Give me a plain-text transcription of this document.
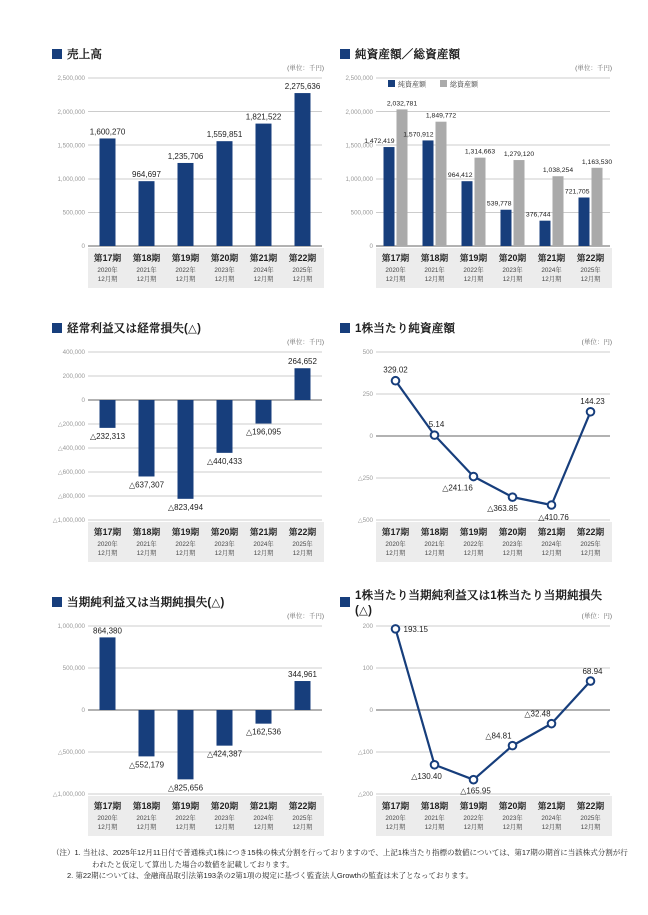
売上高
(単位：千円)
2,500,000
2,000,000
1,500,000
1,000,000
500,000
0
1,600,270
964,697
1,235,706
1,559,851
1,821,522
2,275,636
第17期
2020年
12月期
第18期
2021年
12月期
第19期
2022年
12月期
第20期
2023年
12月期
第21期
2024年
12月期
第22期
2025年
12月期
純資産額／総資産額
(単位：千円)
2,500,000
2,000,000
1,500,000
1,000,000
500,000
0
純資産額	総資産額
1,472,419
1,570,912
964,412
539,778
376,744
721,705
2,032,781
1,849,772
1,314,663 1,279,120
1,038,254
1,163,530
第17期
2020年
12月期
第18期
2021年
12月期
第19期
2022年
12月期
第20期
2023年
12月期
第21期
2024年
12月期
第22期
2025年
12月期
経常利益又は経常損失(△)
(単位：千円)
400,000
200,000
0
△200,000
△400,000
△600,000
△800,000
△1,000,000
△232,313
△637,307
△823,494
△440,433
△196,095
264,652
第17期
2020年
12月期
第18期
2021年
12月期
第19期
2022年
12月期
第20期
2023年
12月期
第21期
2024年
12月期
第22期
2025年
12月期
1株当たり純資産額
(単位：円)
500
250
0
△250
△500
329.02
5.14
△241.16
△363.85
△410.76
144.23
第17期
2020年
12月期
第18期
2021年
12月期
第19期
2022年
12月期
第20期
2023年
12月期
第21期
2024年
12月期
第22期
2025年
12月期
当期純利益又は当期純損失(△)
(単位：千円)
1,000,000
500,000
0
△500,000
△1,000,000
864,380
△552,179
△825,656
△424,387
△162,536
344,961
第17期
2020年
12月期
第18期
2021年
12月期
第19期
2022年
12月期
第20期
2023年
12月期
第21期
2024年
12月期
第22期
2025年
12月期
1株当たり当期純利益又は1株当たり当期純損失(△)	(単位：円)
200
100
0
△100
△200
193.15
△130.40
△165.95
△84.81
△32.48
68.94
第17期
2020年
12月期
第18期
2021年
12月期
第19期
2022年
12月期
第20期
2023年
12月期
第21期
2024年
12月期
第22期
2025年
12月期

（注）1. 当社は、2025年12月11日付で普通株式1株につき15株の株式分割を行っておりますので、上記1株当たり指標の数値については、第17期の期首に当該株式分割が行われたと仮定して算出した場合の数値を記載しております。

2. 第22期については、金融商品取引法第193条の2第1項の規定に基づく監査法人Growthの監査は未了となっております。
